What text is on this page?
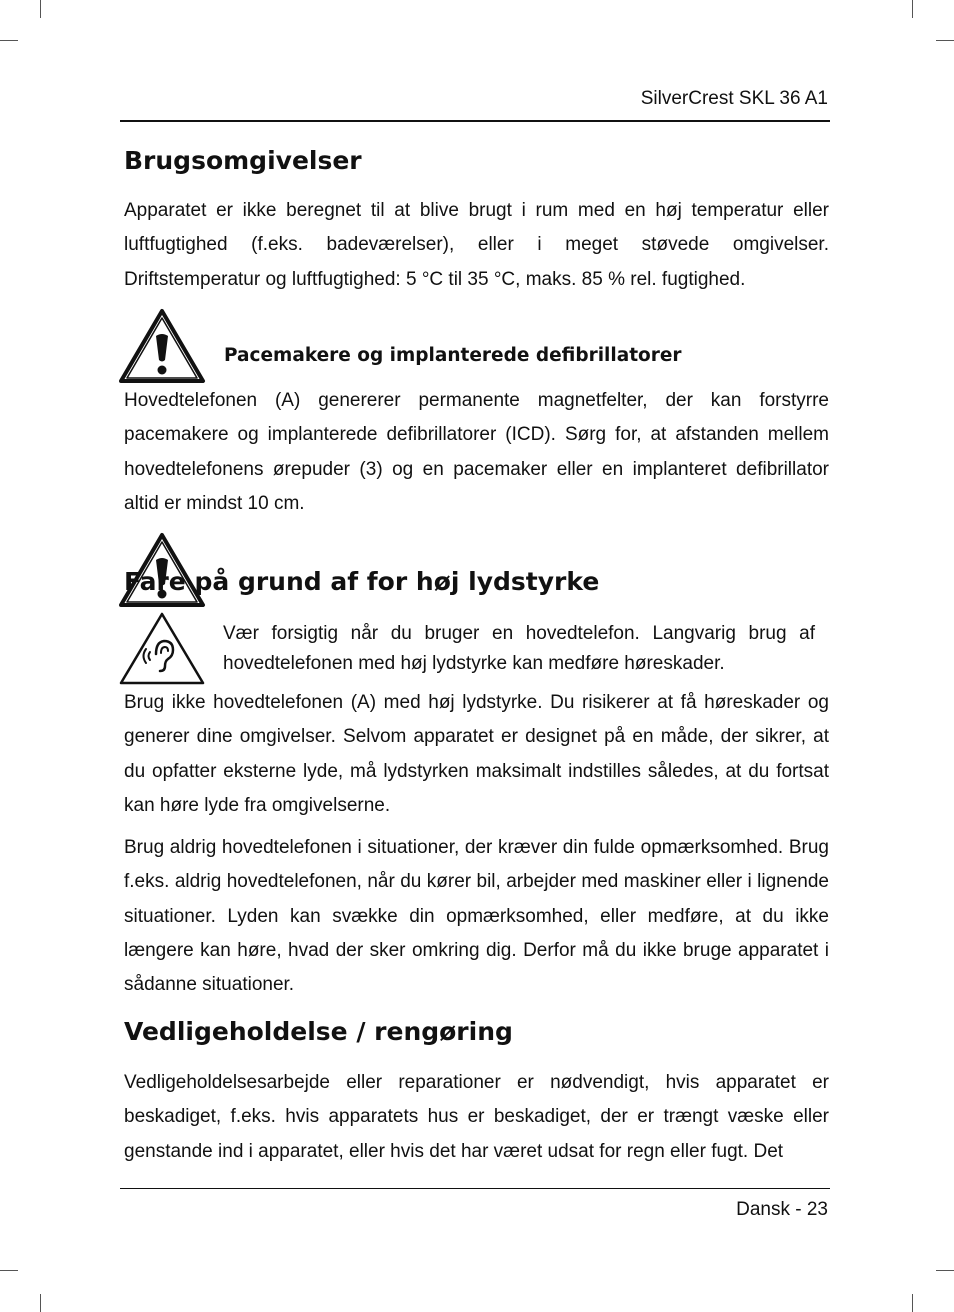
SilverCrest SKL 36 A1
Brugsomgivelser

Apparatet er ikke beregnet til at blive brugt i rum med en høj temperatur eller luftfugtighed (f.eks. badeværelser), eller i meget støvede omgivelser. Driftstemperatur og luftfugtighed: 5 °C til 35 °C, maks. 85 % rel. fugtighed.

Pacemakere og implanterede defibrillatorer

Hovedtelefonen (A) genererer permanente magnetfelter, der kan forstyrre pacemakere og implanterede defibrillatorer (ICD). Sørg for, at afstanden mellem hovedtelefonens ørepuder (3) og en pacemaker eller en implanteret defibrillator altid er mindst 10 cm.

Fare på grund af for høj lydstyrke

Vær forsigtig når du bruger en hovedtelefon. Langvarig brug af hovedtelefonen med høj lydstyrke kan medføre høreskader.

Brug ikke hovedtelefonen (A) med høj lydstyrke. Du risikerer at få høreskader og generer dine omgivelser. Selvom apparatet er designet på en måde, der sikrer, at du opfatter eksterne lyde, må lydstyrken maksimalt indstilles således, at du fortsat kan høre lyde fra omgivelserne.

Brug aldrig hovedtelefonen i situationer, der kræver din fulde opmærksomhed. Brug f.eks. aldrig hovedtelefonen, når du kører bil, arbejder med maskiner eller i lignende situationer. Lyden kan svække din opmærksomhed, eller medføre, at du ikke længere kan høre, hvad der sker omkring dig. Derfor må du ikke bruge apparatet i sådanne situationer.

Vedligeholdelse / rengøring

Vedligeholdelsesarbejde eller reparationer er nødvendigt, hvis apparatet er beskadiget, f.eks. hvis apparatets hus er beskadiget, der er trængt væske eller genstande ind i apparatet, eller hvis det har været udsat for regn eller fugt. Det

Dansk - 23
